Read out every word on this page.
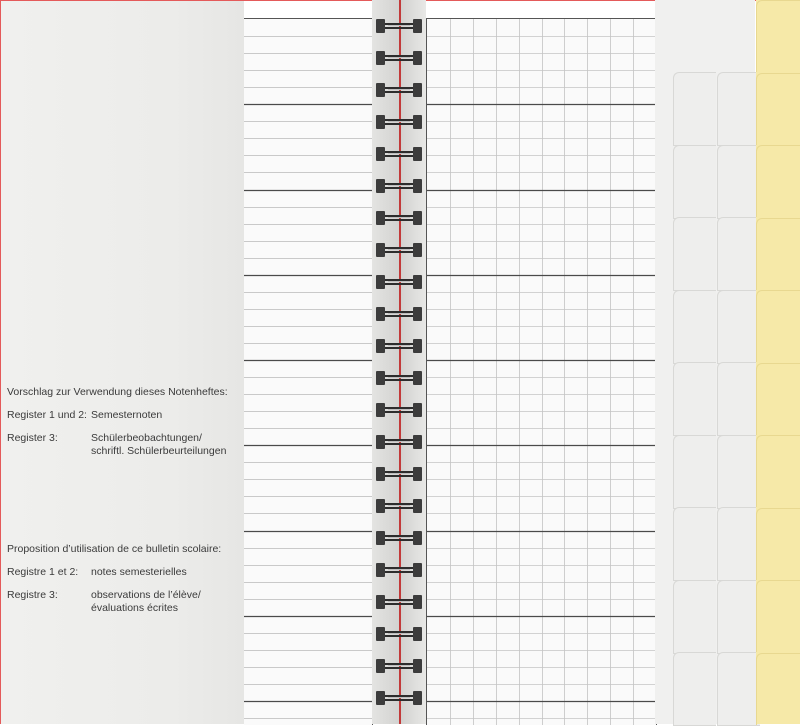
Vorschlag zur Verwendung dieses Notenheftes:

Register 1 und 2: Semesternoten
Register 3:	Schülerbeobachtungen/
schriftl. Schülerbeurteilungen

Proposition d’utilisation de ce bulletin scolaire:

Registre 1 et 2:	notes semesterielles
Registre 3:	observations de l’élève/
évaluations écrites
